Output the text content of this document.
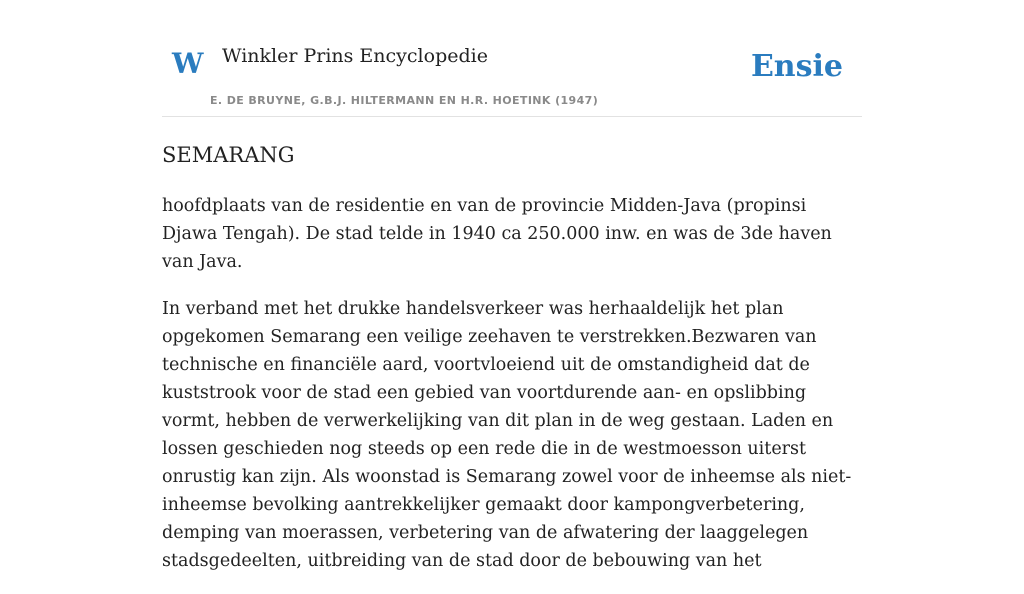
W Winkler Prins Encyclopedie
E. DE BRUYNE, G.B.J. HILTERMANN EN H.R. HOETINK (1947)
Ensie
SEMARANG

hoofdplaats van de residentie en van de provincie Midden-Java (propinsi Djawa Tengah). De stad telde in 1940 ca 250.000 inw. en was de 3de haven van Java.

In verband met het drukke handelsverkeer was herhaaldelijk het plan opgekomen Semarang een veilige zeehaven te verstrekken.Bezwaren van technische en financiële aard, voortvloeiend uit de omstandigheid dat de kuststrook voor de stad een gebied van voortdurende aan- en opslibbing vormt, hebben de verwerkelijking van dit plan in de weg gestaan. Laden en lossen geschieden nog steeds op een rede die in de westmoesson uiterst onrustig kan zijn. Als woonstad is Semarang zowel voor de inheemse als niet-inheemse bevolking aantrekkelijker gemaakt door kampongverbetering, demping van moerassen, verbetering van de afwatering der laaggelegen stadsgedeelten, uitbreiding van de stad door de bebouwing van het
